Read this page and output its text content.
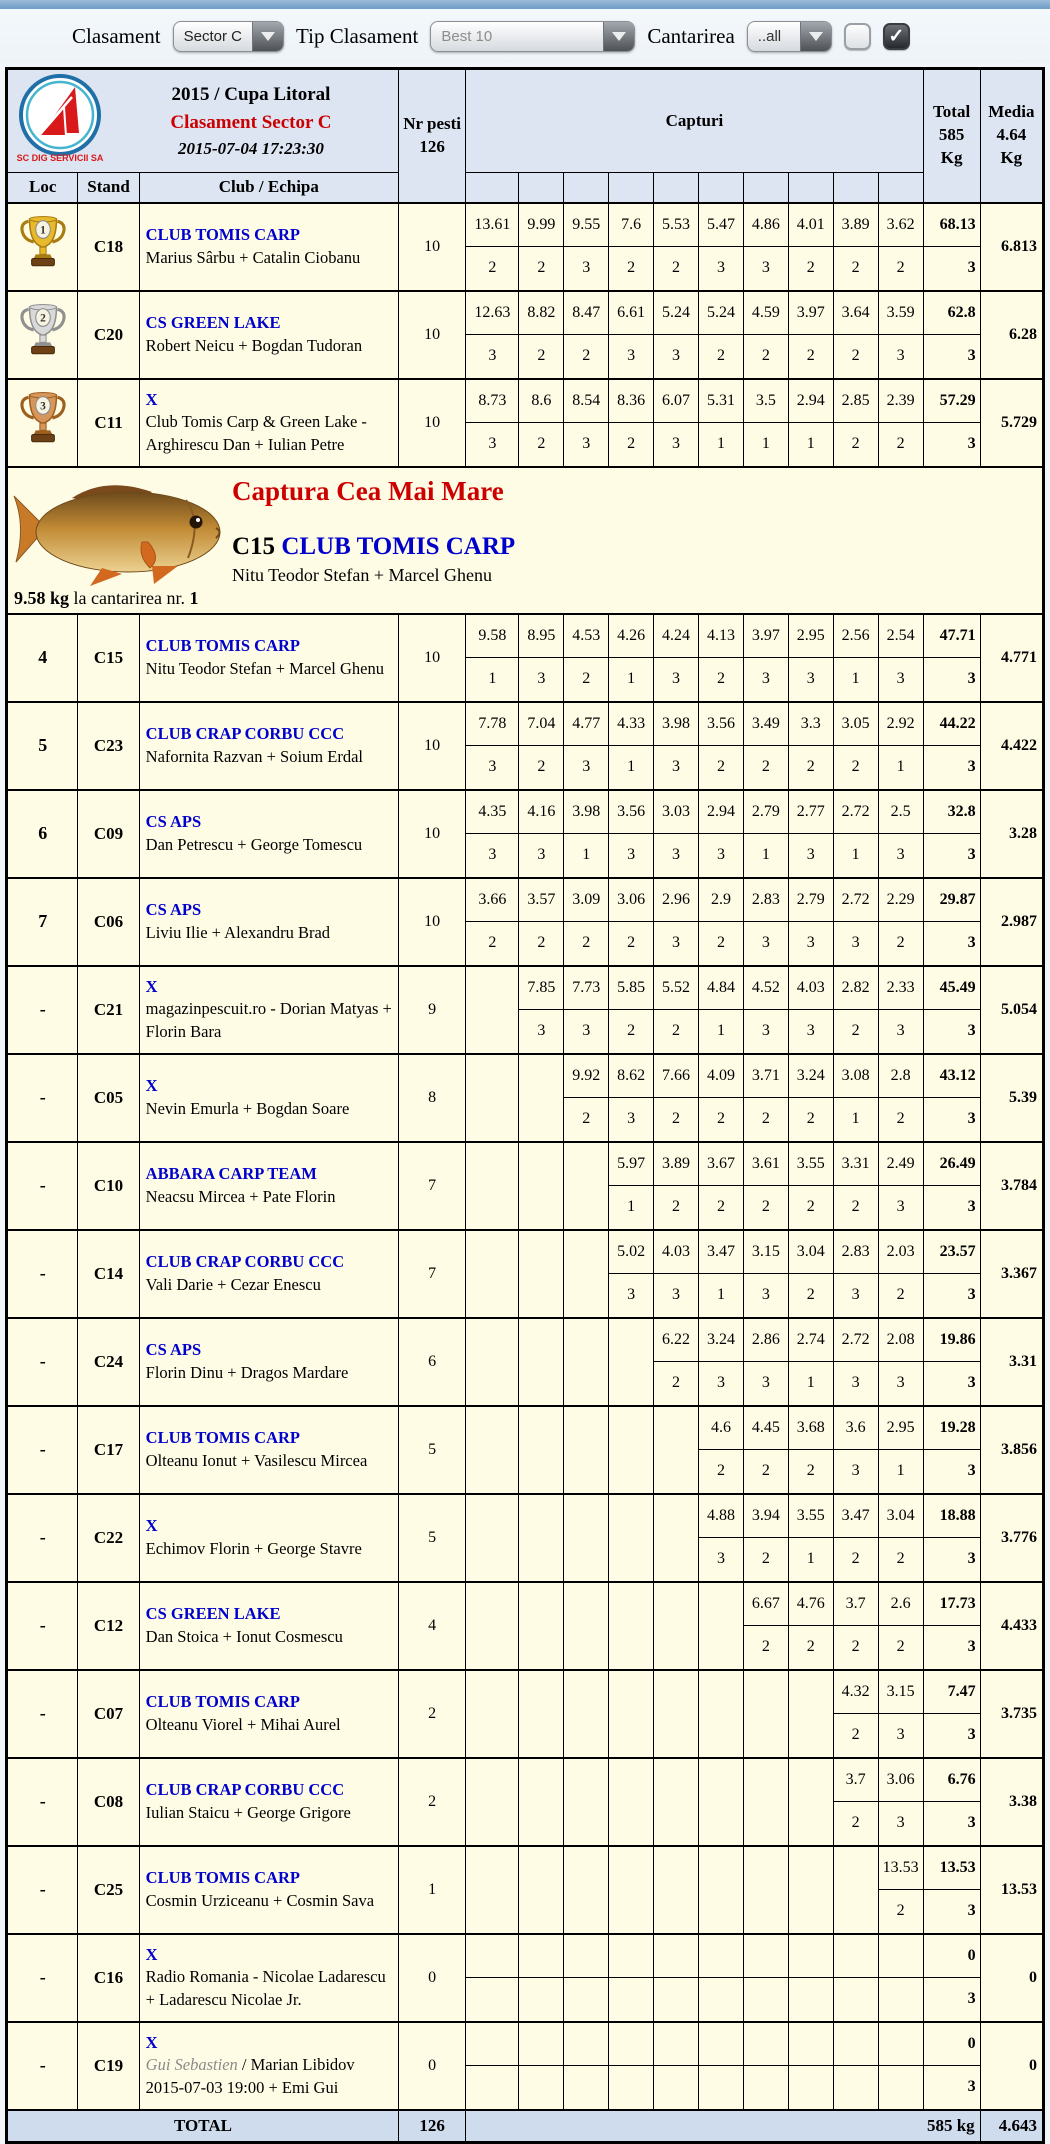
Clasament	Sector C	Tip Clasament	Best 10	Cantarirea	..all	✓
SC DIG SERVICII SA
2015 / Cupa Litoral
Clasament Sector C
2015-07-04 17:23:30

Nr pesti
126
	Capturi	Total
585
Kg

Media
4.64
Kg

Loc	Stand	Club / Echipa													

1	C18	CLUB TOMIS CARP
Marius Sârbu + Catalin Ciobanu	10	13.61	9.99	9.55	7.6	5.53	5.47	4.86	4.01	3.89	3.62	68.13	6.813
				2	2	3	2	2	3	3	2	2	2	3	

2	C20	CS GREEN LAKE
Robert Neicu + Bogdan Tudoran	10	12.63	8.82	8.47	6.61	5.24	5.24	4.59	3.97	3.64	3.59	62.8	6.28
				3	2	2	3	3	2	2	2	2	3	3	

3	C11	X
Club Tomis Carp & Green Lake - Arghirescu Dan + Iulian Petre	10	8.73	8.6	8.54	8.36	6.07	5.31	3.5	2.94	2.85	2.39	57.29	5.729
				3	2	3	2	3	1	1	1	2	2	3	

Captura Cea Mai Mare
C15 CLUB TOMIS CARP
Nitu Teodor Stefan + Marcel Ghenu
9.58 kg la cantarirea nr. 1															

4	C15	CLUB TOMIS CARP
Nitu Teodor Stefan + Marcel Ghenu	10	9.58	8.95	4.53	4.26	4.24	4.13	3.97	2.95	2.56	2.54	47.71	4.771
				1	3	2	1	3	2	3	3	1	3	3	
5	C23	CLUB CRAP CORBU CCC
Nafornita Razvan + Soium Erdal	10	7.78	7.04	4.77	4.33	3.98	3.56	3.49	3.3	3.05	2.92	44.22	4.422
				3	2	3	1	3	2	2	2	2	1	3	
6	C09	CS APS
Dan Petrescu + George Tomescu	10	4.35	4.16	3.98	3.56	3.03	2.94	2.79	2.77	2.72	2.5	32.8	3.28
				3	3	1	3	3	3	1	3	1	3	3	
7	C06	CS APS
Liviu Ilie + Alexandru Brad	10	3.66	3.57	3.09	3.06	2.96	2.9	2.83	2.79	2.72	2.29	29.87	2.987
				2	2	2	2	3	2	3	3	3	2	3	
-	C21	X
magazinpescuit.ro - Dorian Matyas + Florin Bara	9		7.85	7.73	5.85	5.52	4.84	4.52	4.03	2.82	2.33	45.49	5.054
					3	3	2	2	1	3	3	2	3	3	
-	C05	X
Nevin Emurla + Bogdan Soare	8			9.92	8.62	7.66	4.09	3.71	3.24	3.08	2.8	43.12	5.39
						2	3	2	2	2	2	1	2	3	
-	C10	ABBARA CARP TEAM
Neacsu Mircea + Pate Florin	7				5.97	3.89	3.67	3.61	3.55	3.31	2.49	26.49	3.784
							1	2	2	2	2	2	3	3	
-	C14	CLUB CRAP CORBU CCC
Vali Darie + Cezar Enescu	7				5.02	4.03	3.47	3.15	3.04	2.83	2.03	23.57	3.367
							3	3	1	3	2	3	2	3	
-	C24	CS APS
Florin Dinu + Dragos Mardare	6					6.22	3.24	2.86	2.74	2.72	2.08	19.86	3.31
								2	3	3	1	3	3	3	
-	C17	CLUB TOMIS CARP
Olteanu Ionut + Vasilescu Mircea	5						4.6	4.45	3.68	3.6	2.95	19.28	3.856
									2	2	2	3	1	3	
-	C22	X
Echimov Florin + George Stavre	5						4.88	3.94	3.55	3.47	3.04	18.88	3.776
									3	2	1	2	2	3	
-	C12	CS GREEN LAKE
Dan Stoica + Ionut Cosmescu	4							6.67	4.76	3.7	2.6	17.73	4.433
										2	2	2	2	3	
-	C07	CLUB TOMIS CARP
Olteanu Viorel + Mihai Aurel	2									4.32	3.15	7.47	3.735
												2	3	3	
-	C08	CLUB CRAP CORBU CCC
Iulian Staicu + George Grigore	2									3.7	3.06	6.76	3.38
												2	3	3	
-	C25	CLUB TOMIS CARP
Cosmin Urziceanu + Cosmin Sava	1										13.53	13.53	13.53
													2	3	
-	C16	X
Radio Romania - Nicolae Ladarescu + Ladarescu Nicolae Jr.	0											0	0
														3	
-	C19	X
Gui Sebastien / Marian Libidov 2015-07-03 19:00 + Emi Gui	0											0	0
														3	
TOTAL			126	585 kg											4.643
